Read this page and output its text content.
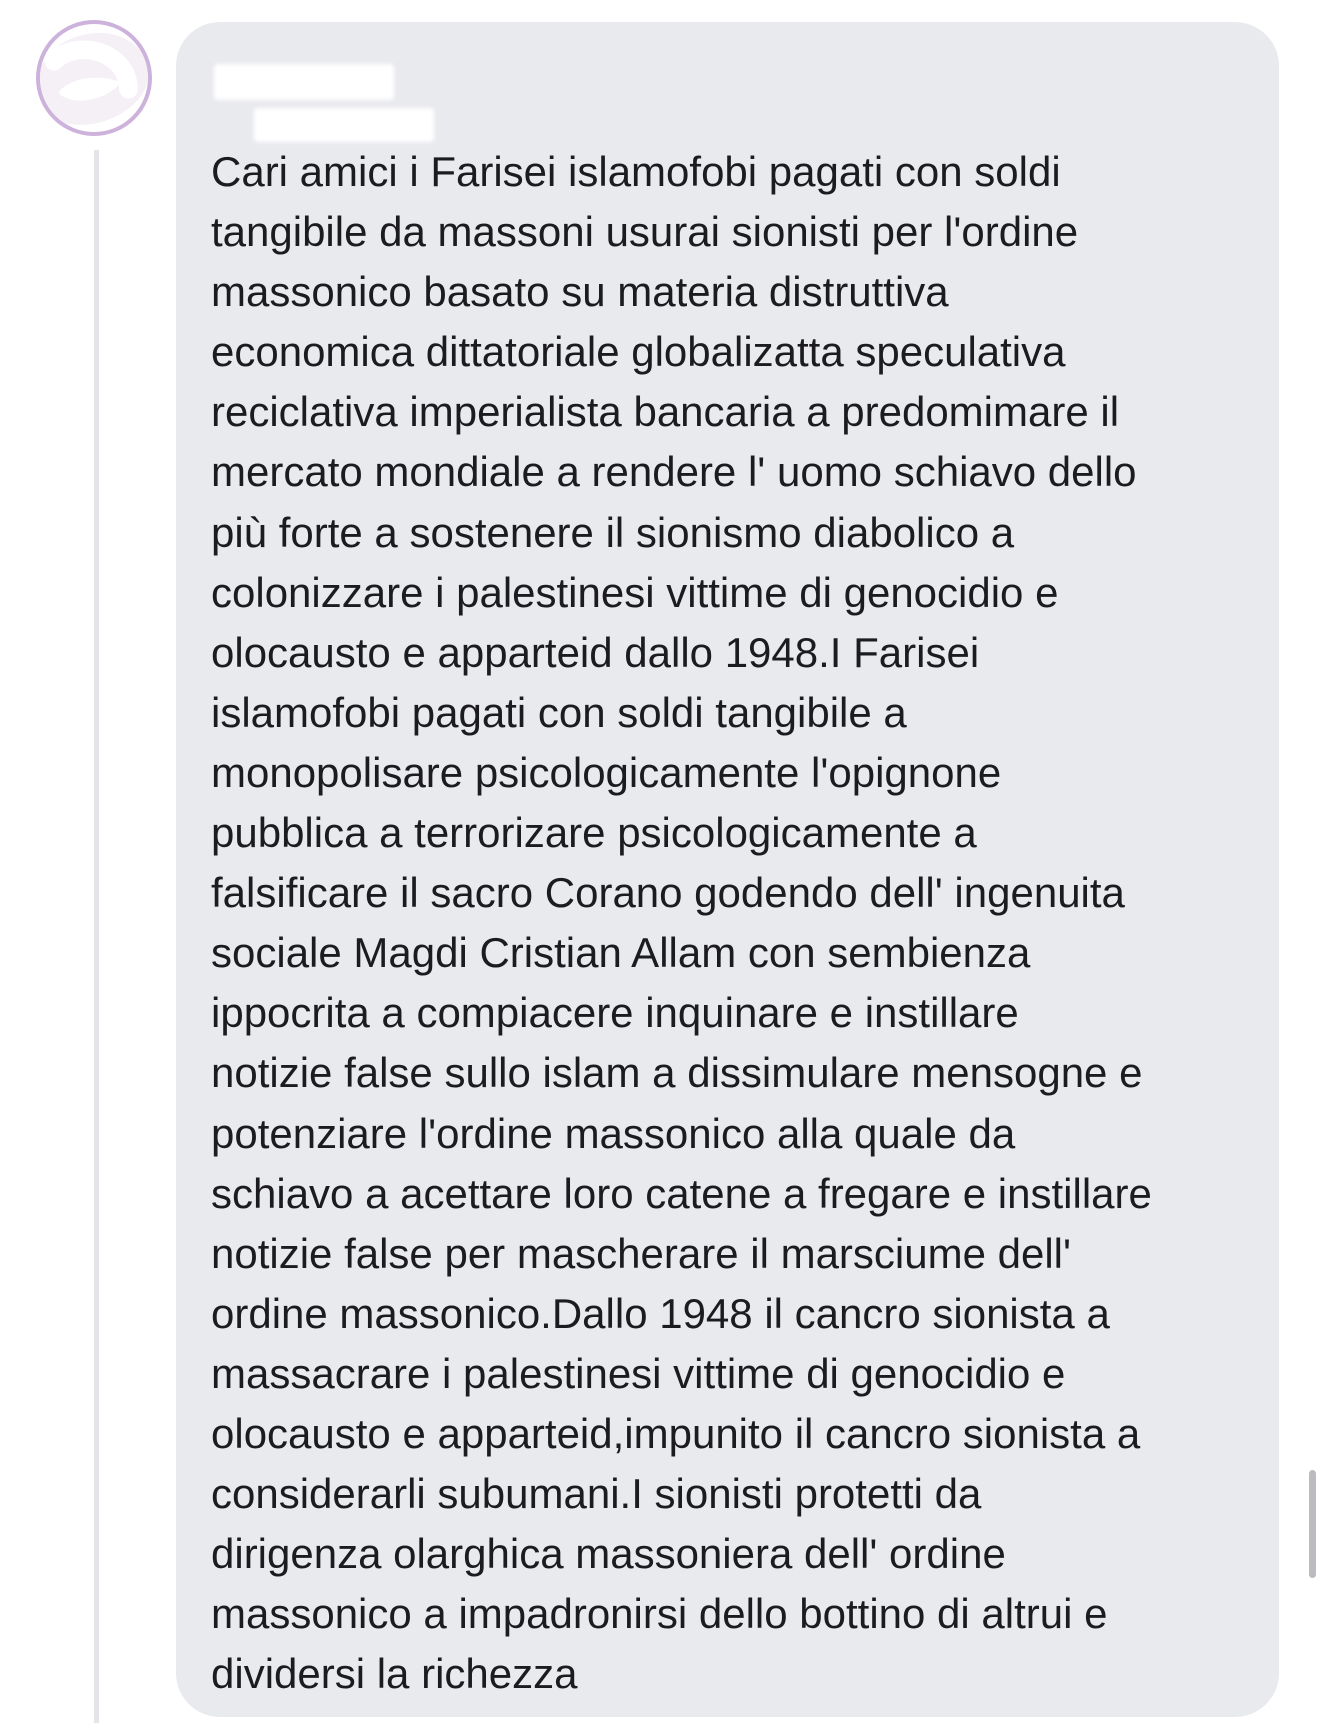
Cari amici i Farisei islamofobi pagati con soldi
tangibile da massoni usurai sionisti per l'ordine
massonico basato su materia distruttiva
economica dittatoriale globalizatta speculativa
reciclativa imperialista bancaria a predomimare il
mercato mondiale a rendere l' uomo schiavo dello
più forte a sostenere il sionismo diabolico a
colonizzare i palestinesi vittime di genocidio e
olocausto e apparteid dallo 1948.I Farisei
islamofobi pagati con soldi tangibile a
monopolisare psicologicamente l'opignone
pubblica a terrorizare psicologicamente a
falsificare il sacro Corano godendo dell' ingenuita
sociale Magdi Cristian Allam con sembienza
ippocrita a compiacere inquinare e instillare
notizie false sullo islam a dissimulare mensogne e
potenziare l'ordine massonico alla quale da
schiavo a acettare loro catene a fregare e instillare
notizie false per mascherare il marsciume dell'
ordine massonico.Dallo 1948 il cancro sionista a
massacrare i palestinesi vittime di genocidio e
olocausto e apparteid,impunito il cancro sionista a
considerarli subumani.I sionisti protetti da
dirigenza olarghica massoniera dell' ordine
massonico a impadronirsi dello bottino di altrui e
dividersi la richezza
